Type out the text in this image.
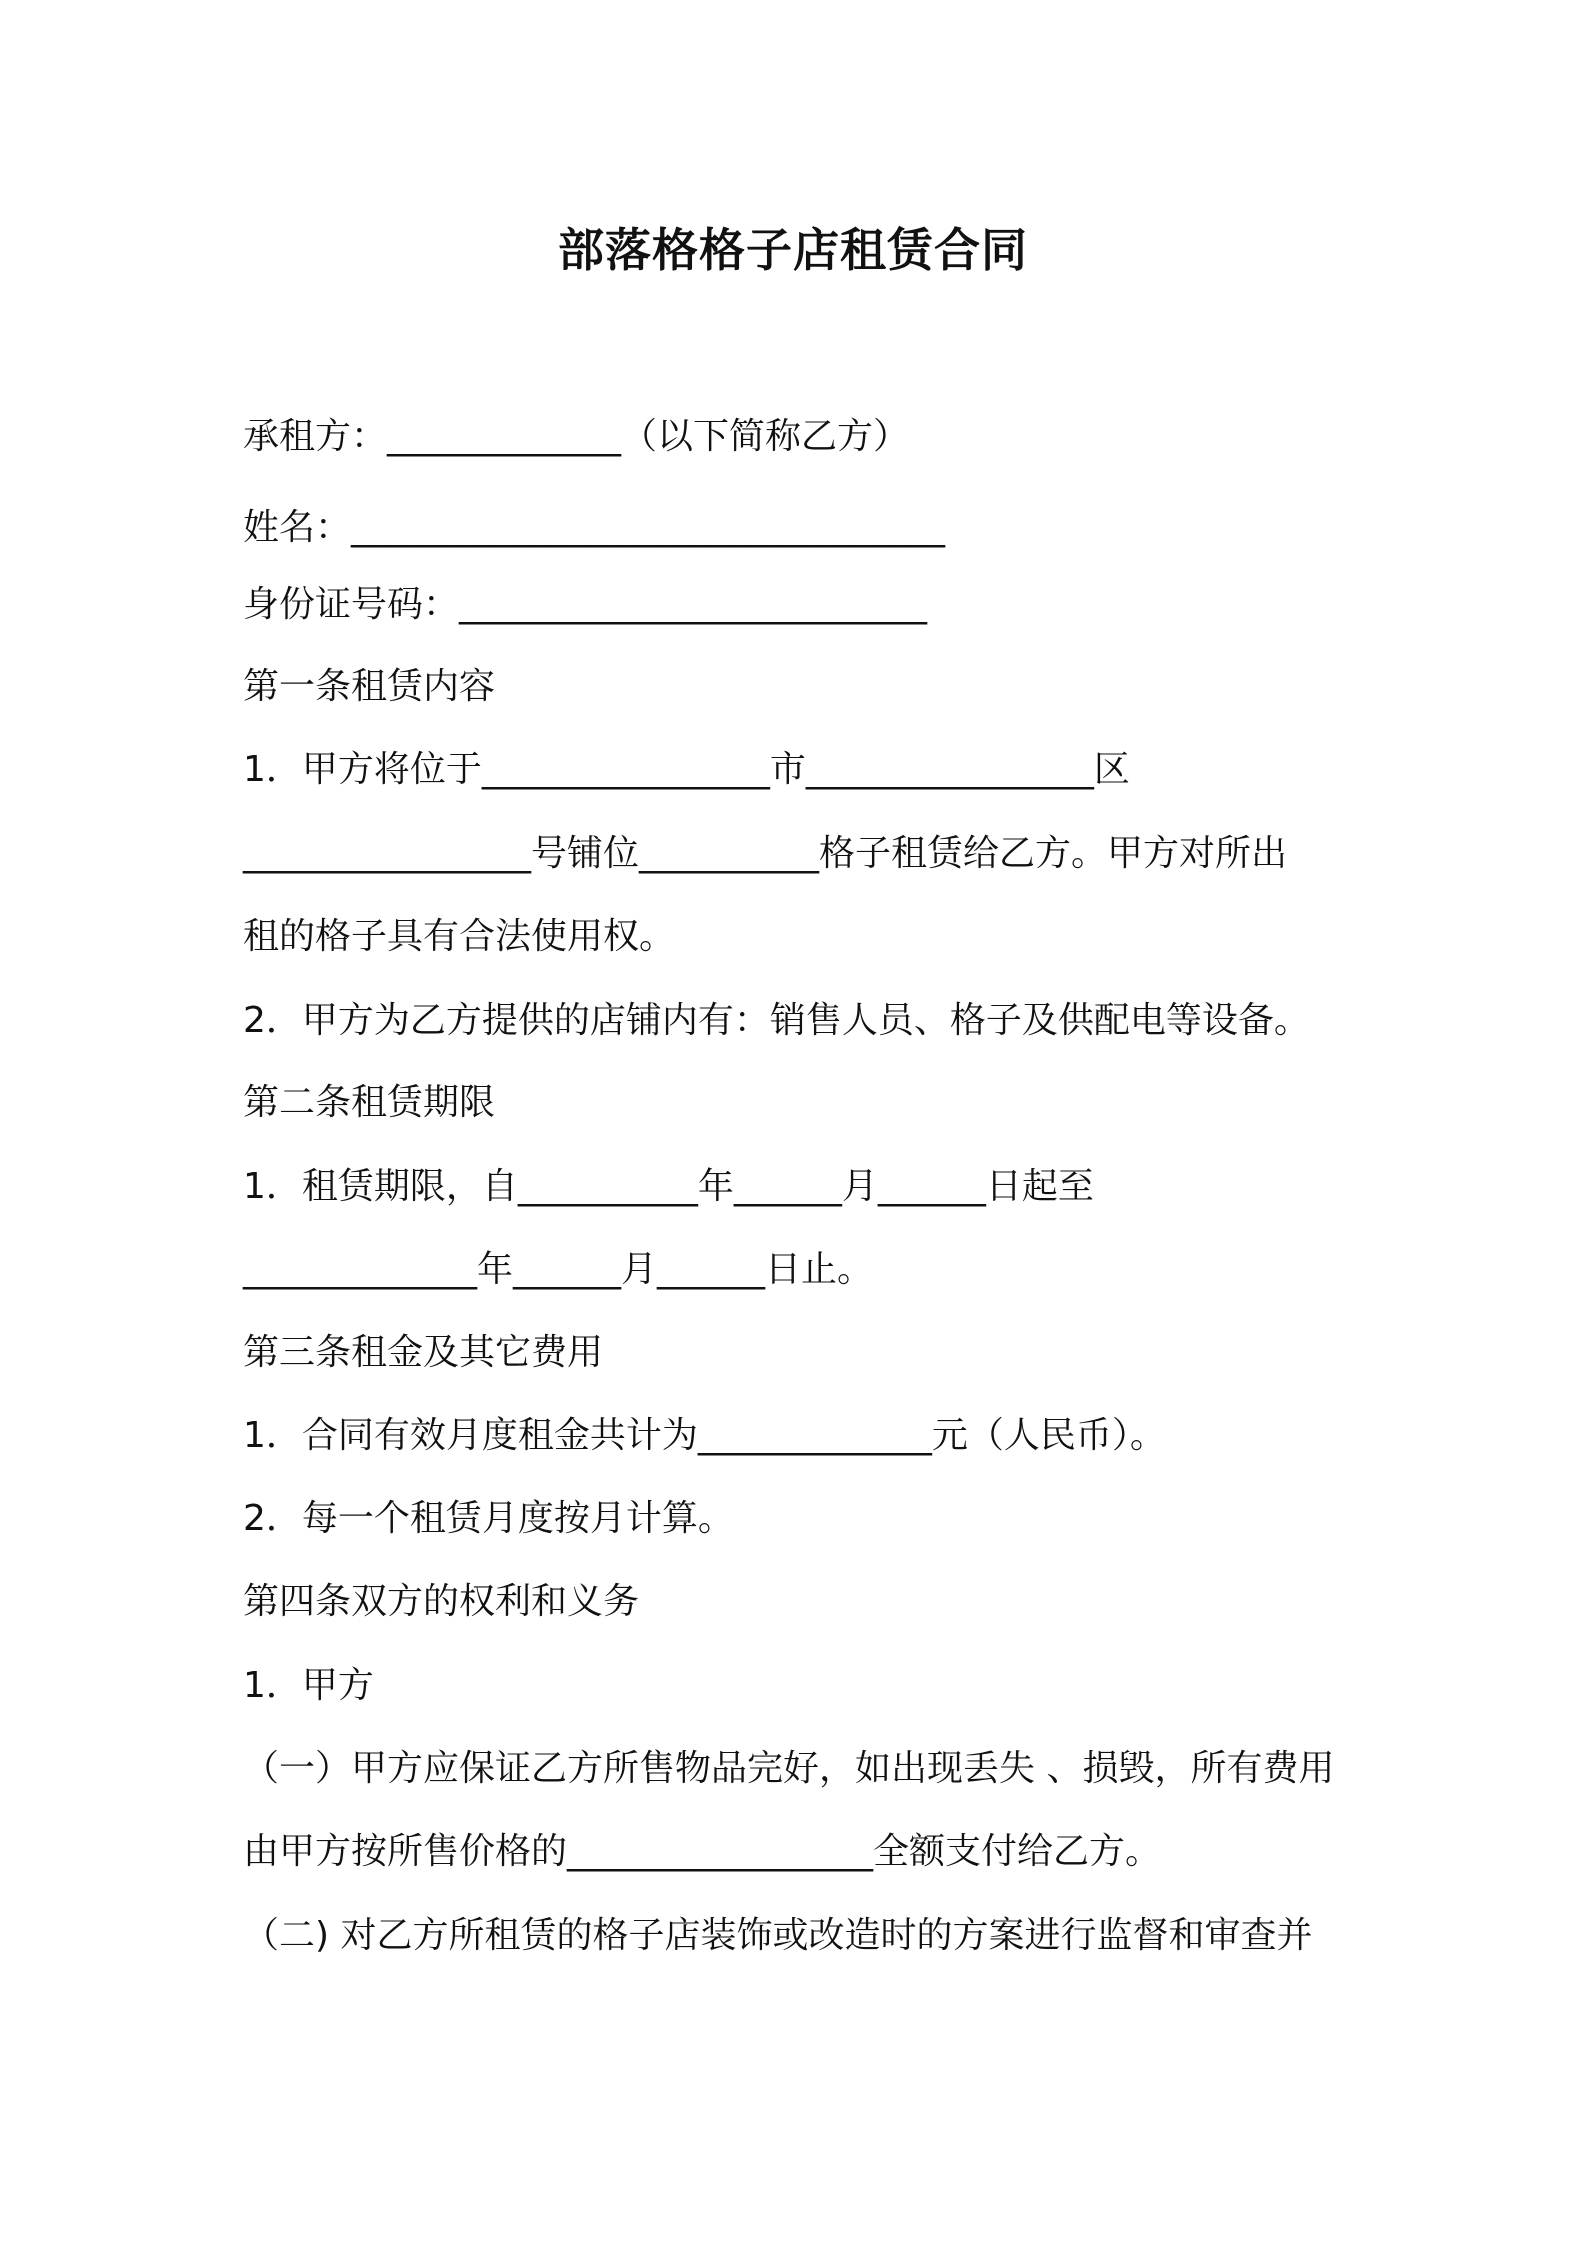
部落格格子店租赁合同
承租方：_____________（以下简称乙方）
姓名：_________________________________
身份证号码：__________________________
第一条租赁内容
1．甲方将位于________________市________________区
________________号铺位__________格子租赁给乙方。甲方对所出
租的格子具有合法使用权。
2．甲方为乙方提供的店铺内有：销售人员、格子及供配电等设备。
第二条租赁期限
1．租赁期限，自__________年______月______日起至
_____________年______月______日止。
第三条租金及其它费用
1．合同有效月度租金共计为_____________元（人民币）。
2．每一个租赁月度按月计算。
第四条双方的权利和义务
1．甲方
（一）甲方应保证乙方所售物品完好，如出现丢失 、损毁，所有费用
由甲方按所售价格的_________________全额支付给乙方。
（二) 对乙方所租赁的格子店装饰或改造时的方案进行监督和审查并
